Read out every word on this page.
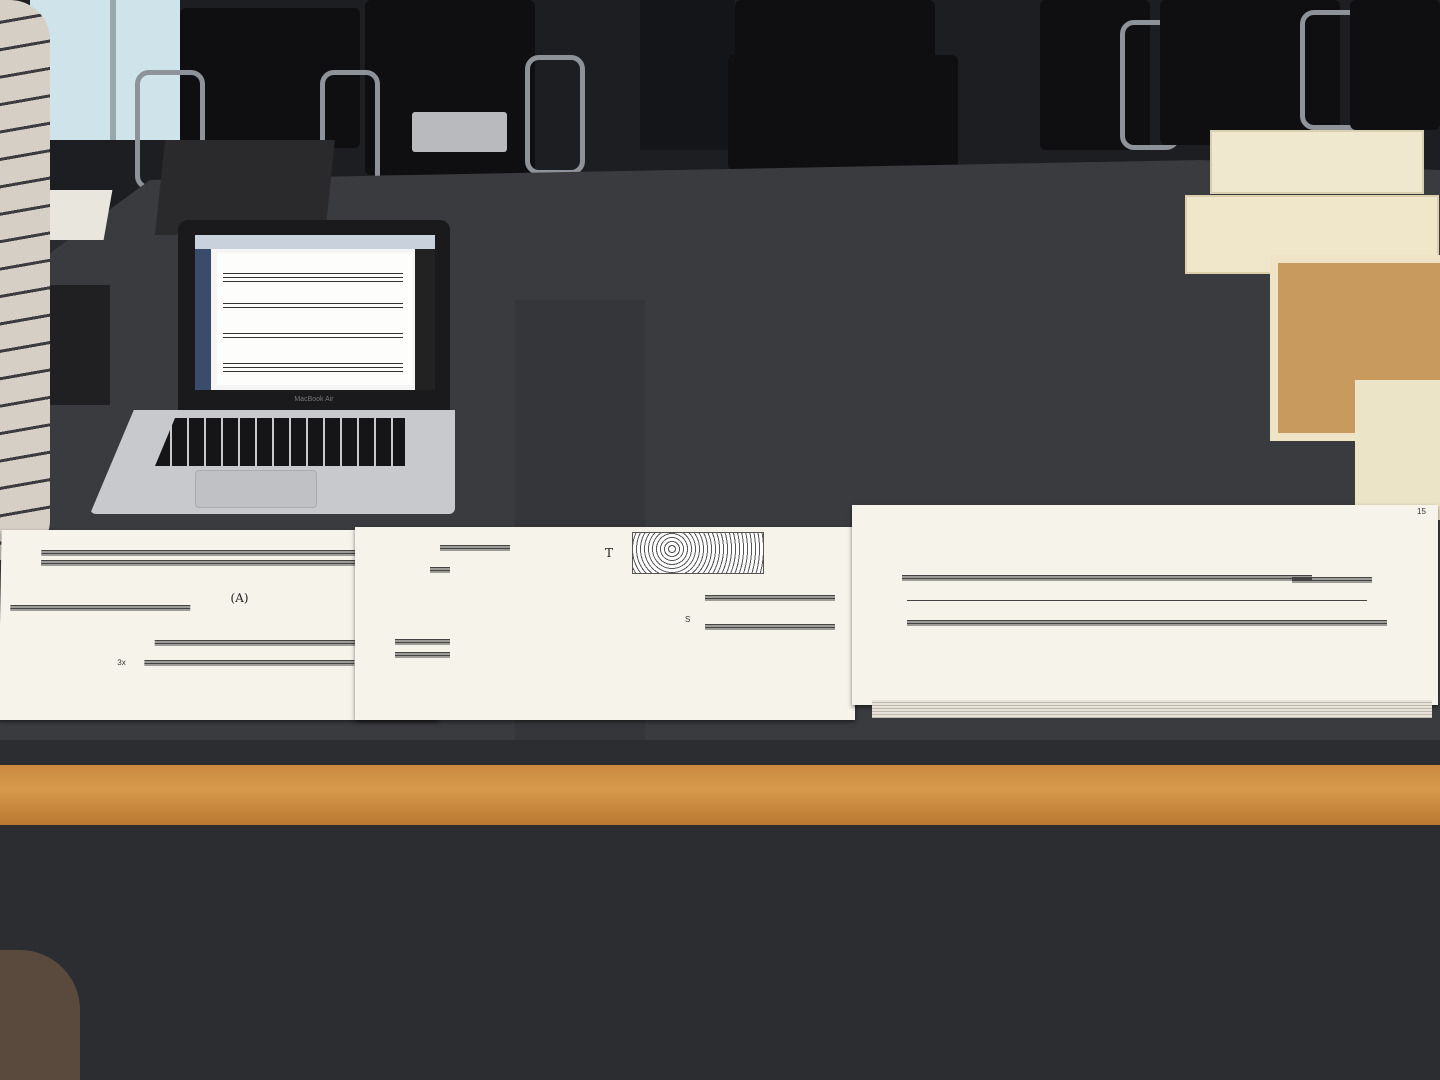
MacBook Air
(A)
3x
T
S
15
